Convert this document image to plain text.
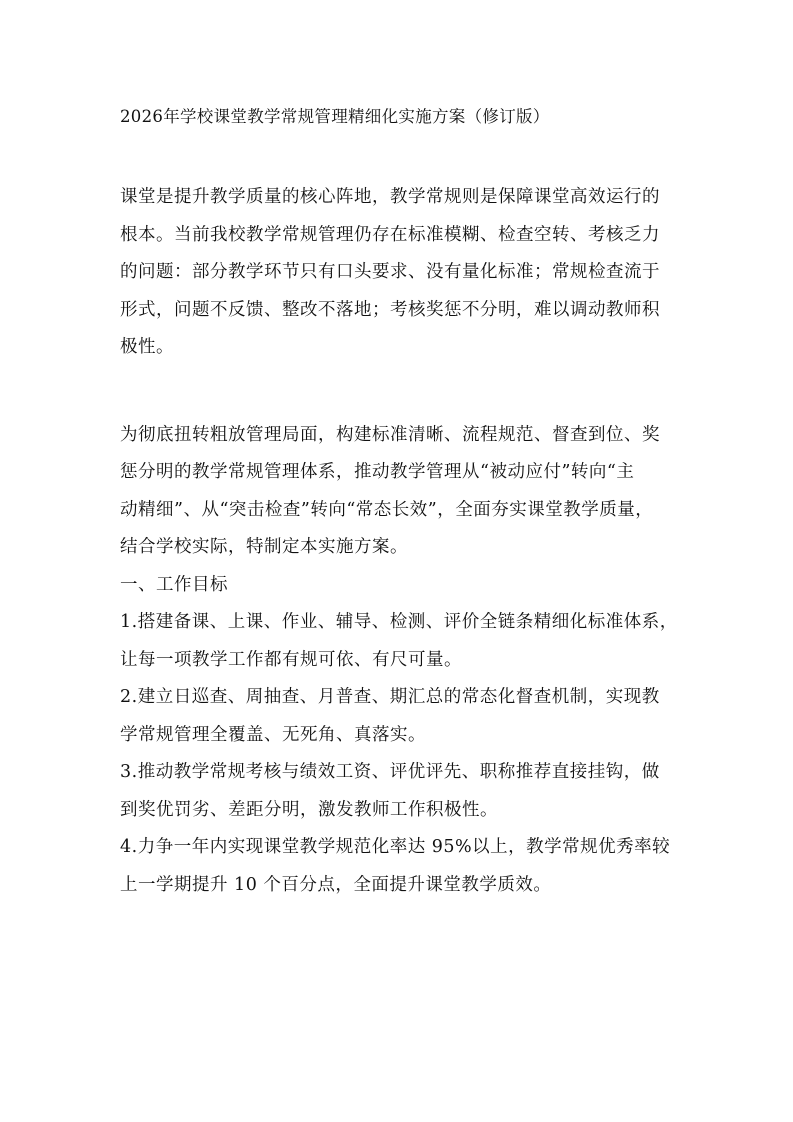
2026年学校课堂教学常规管理精细化实施方案（修订版）

课堂是提升教学质量的核心阵地，教学常规则是保障课堂高效运行的
根本。当前我校教学常规管理仍存在标准模糊、检查空转、考核乏力
的问题：部分教学环节只有口头要求、没有量化标准；常规检查流于
形式，问题不反馈、整改不落地；考核奖惩不分明，难以调动教师积
极性。
为彻底扭转粗放管理局面，构建标准清晰、流程规范、督查到位、奖
惩分明的教学常规管理体系，推动教学管理从“被动应付”转向“主
动精细”、从“突击检查”转向“常态长效”，全面夯实课堂教学质量，
结合学校实际，特制定本实施方案。
一、工作目标
1.搭建备课、上课、作业、辅导、检测、评价全链条精细化标准体系，
让每一项教学工作都有规可依、有尺可量。
2.建立日巡查、周抽查、月普查、期汇总的常态化督查机制，实现教
学常规管理全覆盖、无死角、真落实。
3.推动教学常规考核与绩效工资、评优评先、职称推荐直接挂钩，做
到奖优罚劣、差距分明，激发教师工作积极性。
4.力争一年内实现课堂教学规范化率达 95%以上，教学常规优秀率较
上一学期提升 10 个百分点，全面提升课堂教学质效。
